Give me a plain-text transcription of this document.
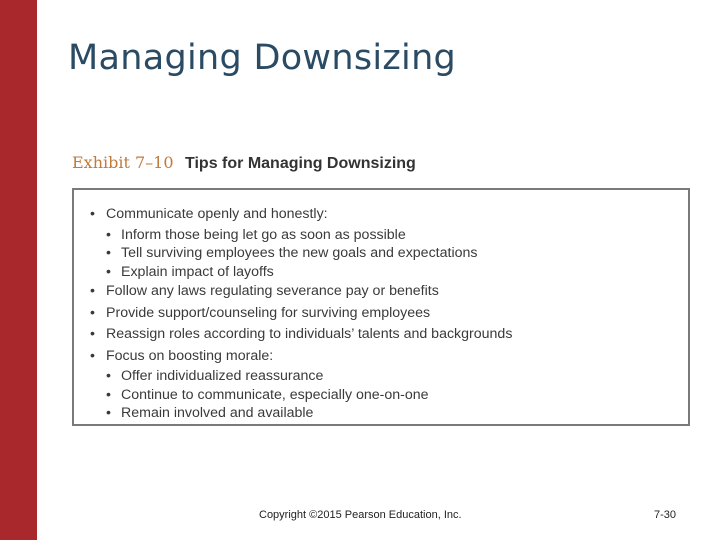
Managing Downsizing
Exhibit 7–10 Tips for Managing Downsizing
• Communicate openly and honestly:
• Inform those being let go as soon as possible
• Tell surviving employees the new goals and expectations
• Explain impact of layoffs
• Follow any laws regulating severance pay or benefits
• Provide support/counseling for surviving employees
• Reassign roles according to individuals’ talents and backgrounds
• Focus on boosting morale:
• Offer individualized reassurance
• Continue to communicate, especially one-on-one
• Remain involved and available
Copyright ©2015 Pearson Education, Inc.	7-30
